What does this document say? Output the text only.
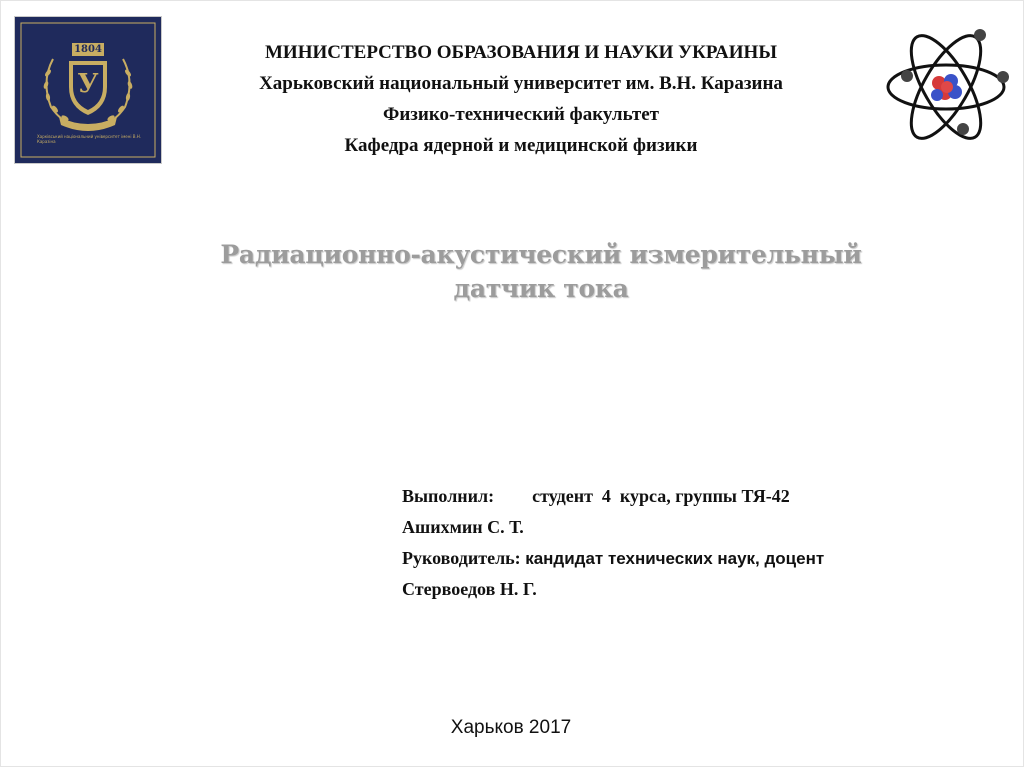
1804
У
Харківський національний університет імені В.Н. Каразіна
МИНИСТЕРСТВО ОБРАЗОВАНИЯ И НАУКИ УКРАИНЫ
Харьковский национальный университет им. В.Н. Каразина
Физико-технический факультет
Кафедра ядерной и медицинской физики
Радиационно-акустический измерительный
датчик тока
Выполнил: студент  4  курса, группы ТЯ-42
Ашихмин С. Т.
Руководитель: кандидат технических наук, доцент
Стервоедов Н. Г.
Харьков 2017
